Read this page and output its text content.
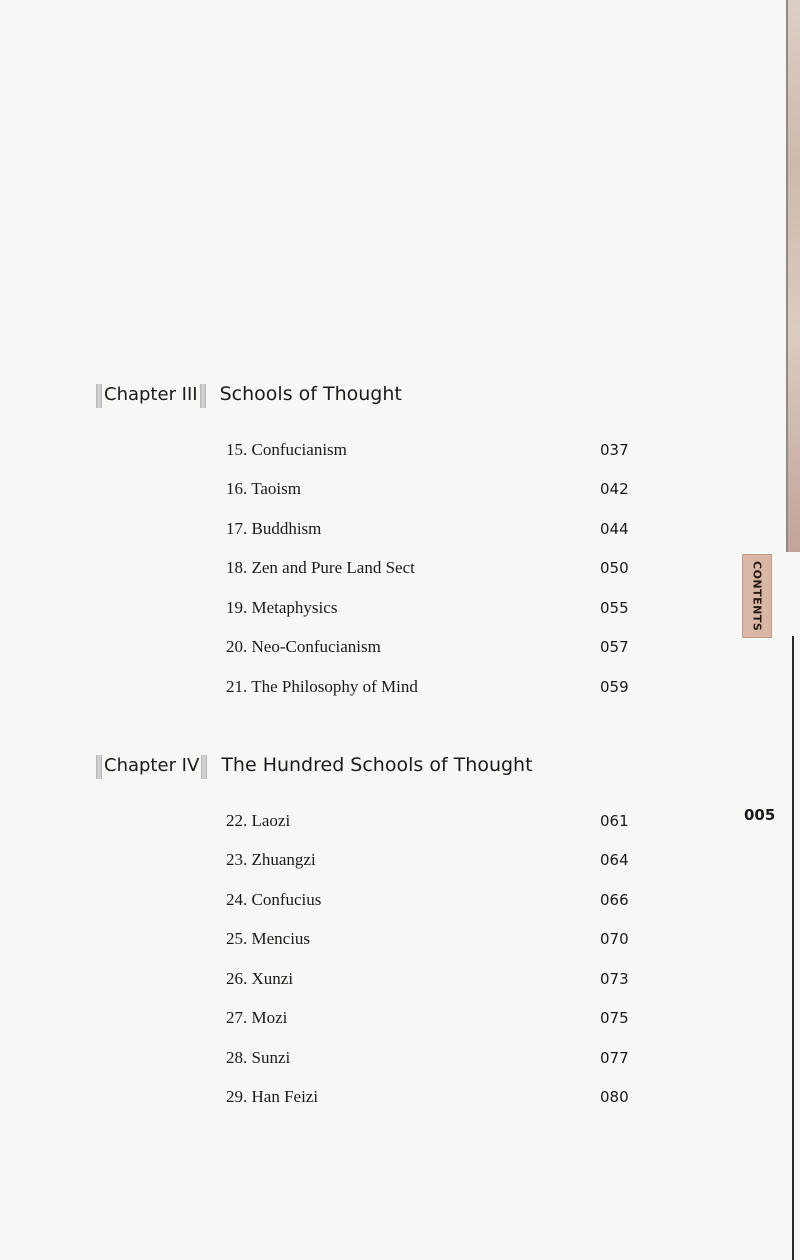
Chapter III	Schools of Thought
15. Confucianism	037
16. Taoism	042
17. Buddhism	044
18. Zen and Pure Land Sect	050
19. Metaphysics	055
20. Neo-Confucianism	057
21. The Philosophy of Mind	059
Chapter IV	The Hundred Schools of Thought
22. Laozi	061
23. Zhuangzi	064
24. Confucius	066
25. Mencius	070
26. Xunzi	073
27. Mozi	075
28. Sunzi	077
29. Han Feizi	080
CONTENTS
005
